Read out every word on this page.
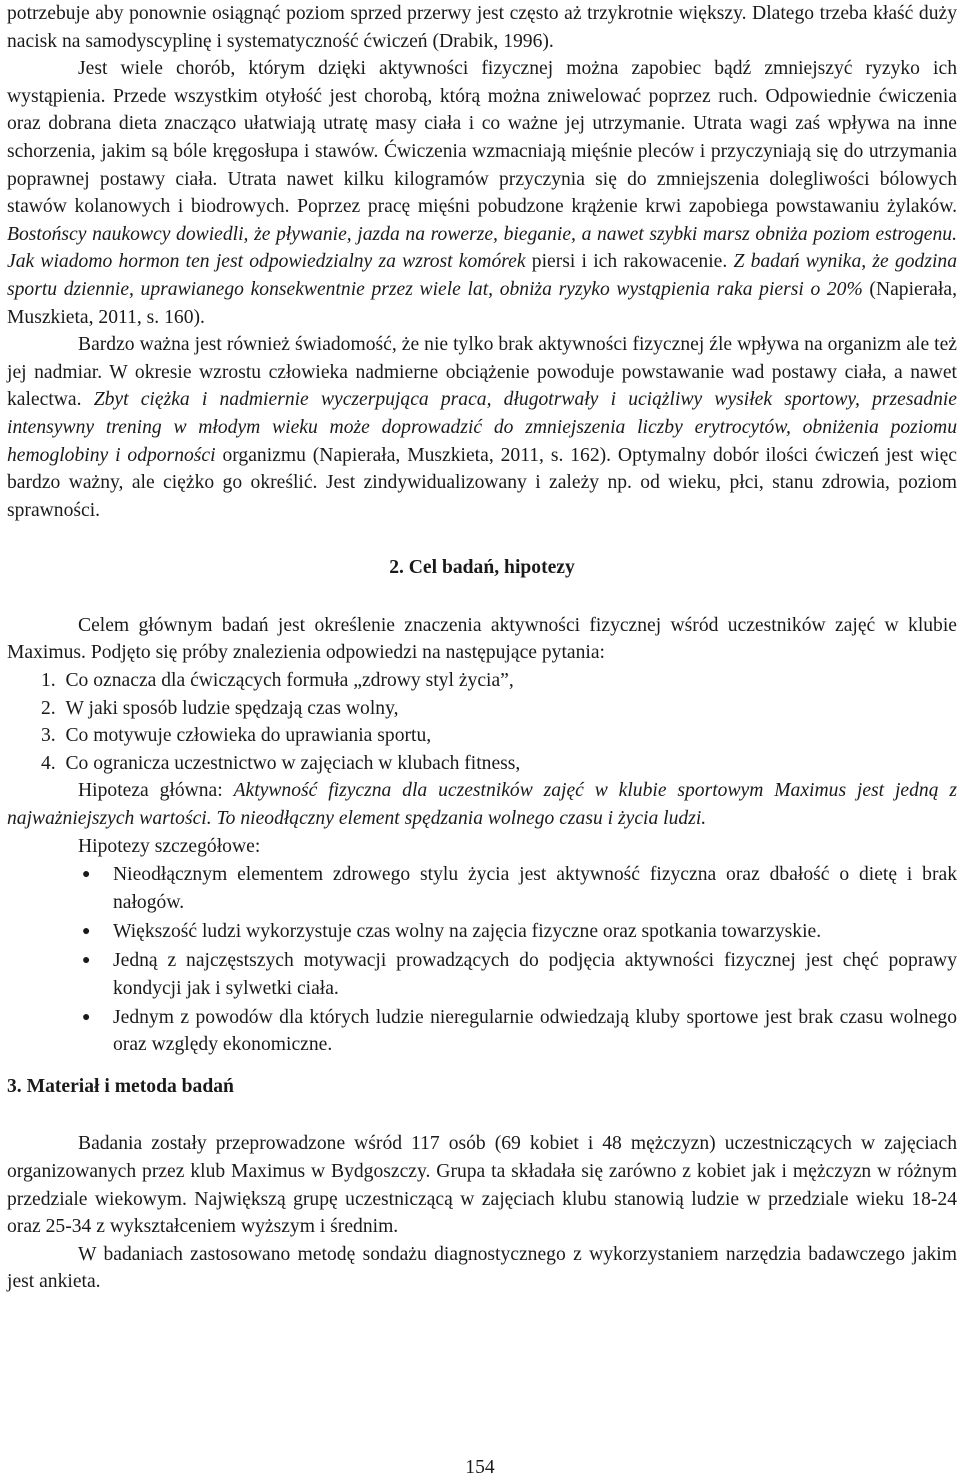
potrzebuje aby ponownie osiągnąć poziom sprzed przerwy jest często aż trzykrotnie większy. Dlatego trzeba kłaść duży nacisk na samodyscyplinę i systematyczność ćwiczeń (Drabik, 1996).

Jest wiele chorób, którym dzięki aktywności fizycznej można zapobiec bądź zmniejszyć ryzyko ich wystąpienia. Przede wszystkim otyłość jest chorobą, którą można zniwelować poprzez ruch. Odpowiednie ćwiczenia oraz dobrana dieta znacząco ułatwiają utratę masy ciała i co ważne jej utrzymanie. Utrata wagi zaś wpływa na inne schorzenia, jakim są bóle kręgosłupa i stawów. Ćwiczenia wzmacniają mięśnie pleców i przyczyniają się do utrzymania poprawnej postawy ciała. Utrata nawet kilku kilogramów przyczynia się do zmniejszenia dolegliwości bólowych stawów kolanowych i biodrowych. Poprzez pracę mięśni pobudzone krążenie krwi zapobiega powstawaniu żylaków. Bostońscy naukowcy dowiedli, że pływanie, jazda na rowerze, bieganie, a nawet szybki marsz obniża poziom estrogenu. Jak wiadomo hormon ten jest odpowiedzialny za wzrost komórek piersi i ich rakowacenie. Z badań wynika, że godzina sportu dziennie, uprawianego konsekwentnie przez wiele lat, obniża ryzyko wystąpienia raka piersi o 20% (Napierała, Muszkieta, 2011, s. 160).

Bardzo ważna jest również świadomość, że nie tylko brak aktywności fizycznej źle wpływa na organizm ale też jej nadmiar. W okresie wzrostu człowieka nadmierne obciążenie powoduje powstawanie wad postawy ciała, a nawet kalectwa. Zbyt ciężka i nadmiernie wyczerpująca praca, długotrwały i uciążliwy wysiłek sportowy, przesadnie intensywny trening w młodym wieku może doprowadzić do zmniejszenia liczby erytrocytów, obniżenia poziomu hemoglobiny i odporności organizmu (Napierała, Muszkieta, 2011, s. 162). Optymalny dobór ilości ćwiczeń jest więc bardzo ważny, ale ciężko go określić. Jest zindywidualizowany i zależy np. od wieku, płci, stanu zdrowia, poziom sprawności.

2. Cel badań, hipotezy

Celem głównym badań jest określenie znaczenia aktywności fizycznej wśród uczestników zajęć w klubie Maximus. Podjęto się próby znalezienia odpowiedzi na następujące pytania:

1.  Co oznacza dla ćwiczących formuła „zdrowy styl życia”,
2.  W jaki sposób ludzie spędzają czas wolny,
3.  Co motywuje człowieka do uprawiania sportu,
4.  Co ogranicza uczestnictwo w zajęciach w klubach fitness,

Hipoteza główna: Aktywność fizyczna dla uczestników zajęć w klubie sportowym Maximus jest jedną z najważniejszych wartości. To nieodłączny element spędzania wolnego czasu i życia ludzi.

Hipotezy szczegółowe:

● Nieodłącznym elementem zdrowego stylu życia jest aktywność fizyczna oraz dbałość o dietę i brak nałogów.
● Większość ludzi wykorzystuje czas wolny na zajęcia fizyczne oraz spotkania towarzyskie.
● Jedną z najczęstszych motywacji prowadzących do podjęcia aktywności fizycznej jest chęć poprawy kondycji jak i sylwetki ciała.
● Jednym z powodów dla których ludzie nieregularnie odwiedzają kluby sportowe jest brak czasu wolnego oraz względy ekonomiczne.

3. Materiał i metoda badań

Badania zostały przeprowadzone wśród 117 osób (69 kobiet i 48 mężczyzn) uczestniczących w zajęciach organizowanych przez klub Maximus w Bydgoszczy. Grupa ta składała się zarówno z kobiet jak i mężczyzn w różnym przedziale wiekowym. Największą grupę uczestniczącą w zajęciach klubu stanowią ludzie w przedziale wieku 18-24 oraz 25-34 z wykształceniem wyższym i średnim.

W badaniach zastosowano metodę sondażu diagnostycznego z wykorzystaniem narzędzia badawczego jakim jest ankieta.

154
